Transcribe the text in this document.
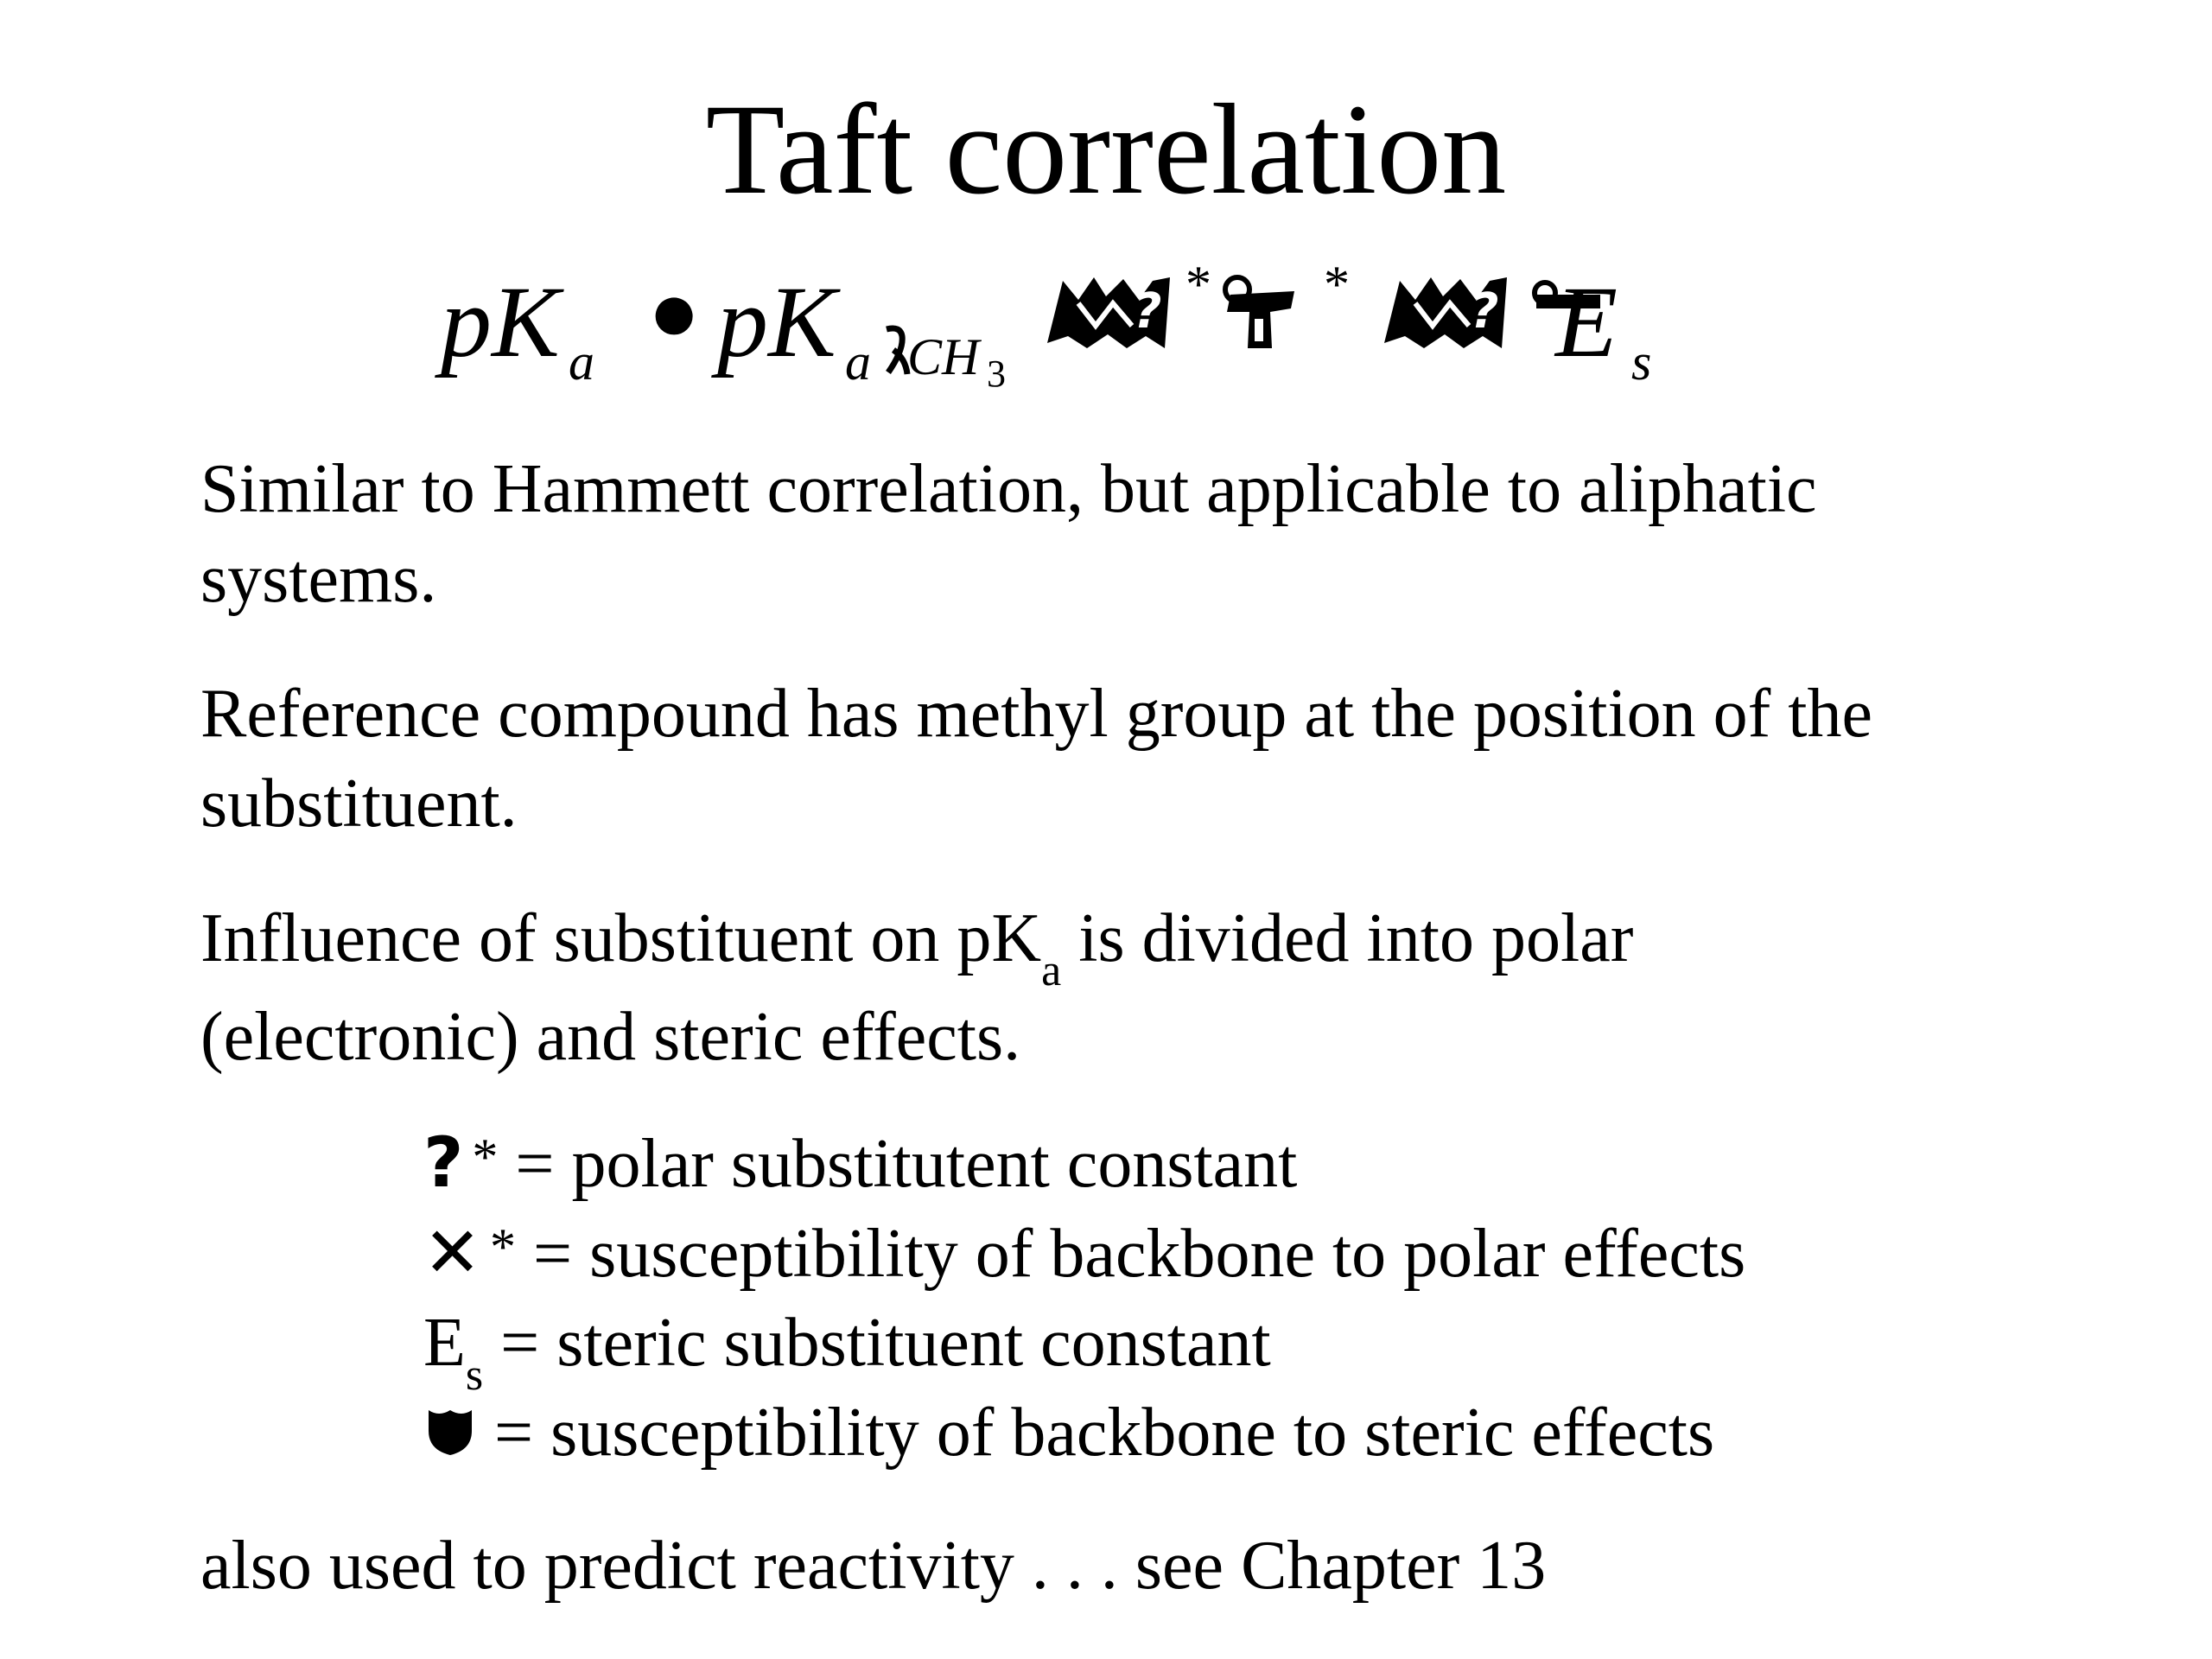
Taft correlation
pK a
● pK a CH 3
? * *	? E s
Similar to Hammett correlation, but applicable to aliphatic
systems.
Reference compound has methyl group at the position of the
substituent.
Influence of substituent on $pK_a$ is divided into polar
(electronic) and steric effects.
? * = polar substitutent constant
✕ * = susceptibility of backbone to polar effects
$E_s$ = steric substituent constant
= susceptibility of backbone to steric effects
also used to predict reactivity . . . see Chapter 13
